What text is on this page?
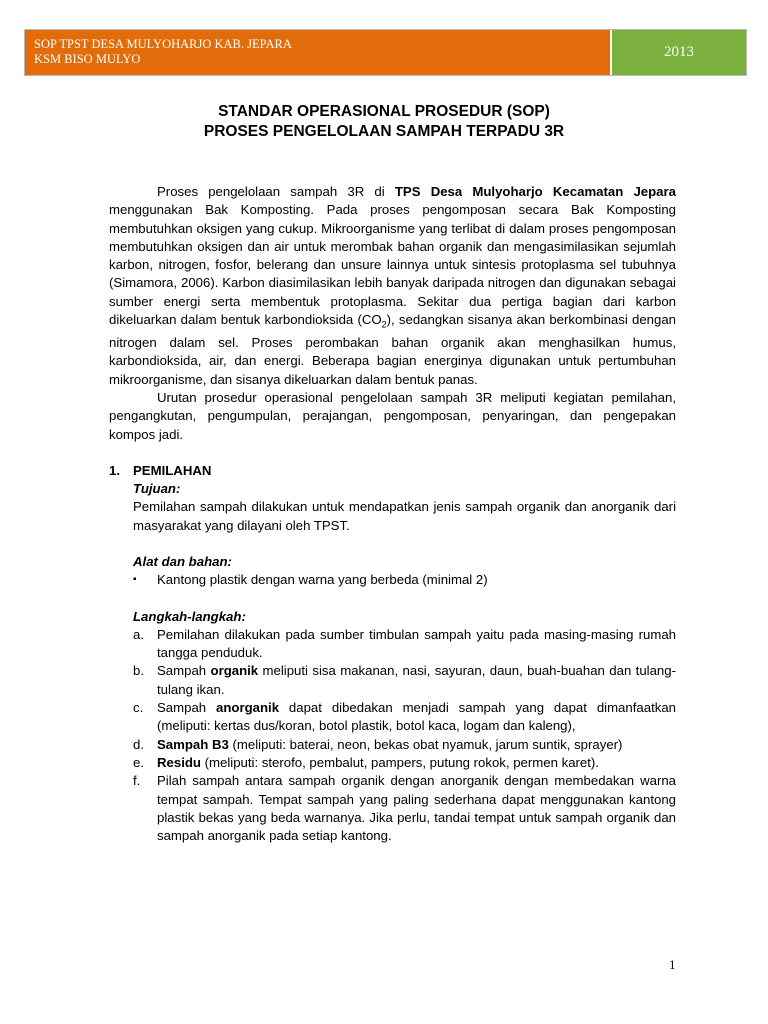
SOP TPST DESA MULYOHARJO KAB. JEPARA
KSM BISO MULYO	2013
STANDAR OPERASIONAL PROSEDUR (SOP)
PROSES PENGELOLAAN SAMPAH TERPADU 3R

Proses pengelolaan sampah 3R di TPS Desa Mulyoharjo Kecamatan Jepara menggunakan Bak Komposting. Pada proses pengomposan secara Bak Komposting membutuhkan oksigen yang cukup. Mikroorganisme yang terlibat di dalam proses pengomposan membutuhkan oksigen dan air untuk merombak bahan organik dan mengasimilasikan sejumlah karbon, nitrogen, fosfor, belerang dan unsure lainnya untuk sintesis protoplasma sel tubuhnya (Simamora, 2006). Karbon diasimilasikan lebih banyak daripada nitrogen dan digunakan sebagai sumber energi serta membentuk protoplasma. Sekitar dua pertiga bagian dari karbon dikeluarkan dalam bentuk karbondioksida $(CO_2)$, sedangkan sisanya akan berkombinasi dengan nitrogen dalam sel. Proses perombakan bahan organik akan menghasilkan humus, karbondioksida, air, dan energi. Beberapa bagian energinya digunakan untuk pertumbuhan mikroorganisme, dan sisanya dikeluarkan dalam bentuk panas.

Urutan prosedur operasional pengelolaan sampah 3R meliputi kegiatan pemilahan, pengangkutan, pengumpulan, perajangan, pengomposan, penyaringan, dan pengepakan kompos jadi.

1. PEMILAHAN
Tujuan:

Pemilahan sampah dilakukan untuk mendapatkan jenis sampah organik dan anorganik dari masyarakat yang dilayani oleh TPST.

Alat dan bahan:
▪ Kantong plastik dengan warna yang berbeda (minimal 2)
Langkah-langkah:
a. Pemilahan dilakukan pada sumber timbulan sampah yaitu pada masing-masing rumah tangga penduduk.
b. Sampah organik meliputi sisa makanan, nasi, sayuran, daun, buah-buahan dan tulang-tulang ikan.
c. Sampah anorganik dapat dibedakan menjadi sampah yang dapat dimanfaatkan (meliputi: kertas dus/koran, botol plastik, botol kaca, logam dan kaleng),
d. Sampah B3 (meliputi: baterai, neon, bekas obat nyamuk, jarum suntik, sprayer)
e. Residu (meliputi: sterofo, pembalut, pampers, putung rokok, permen karet).
f. Pilah sampah antara sampah organik dengan anorganik dengan membedakan warna tempat sampah. Tempat sampah yang paling sederhana dapat menggunakan kantong plastik bekas yang beda warnanya. Jika perlu, tandai tempat untuk sampah organik dan sampah anorganik pada setiap kantong.
1
